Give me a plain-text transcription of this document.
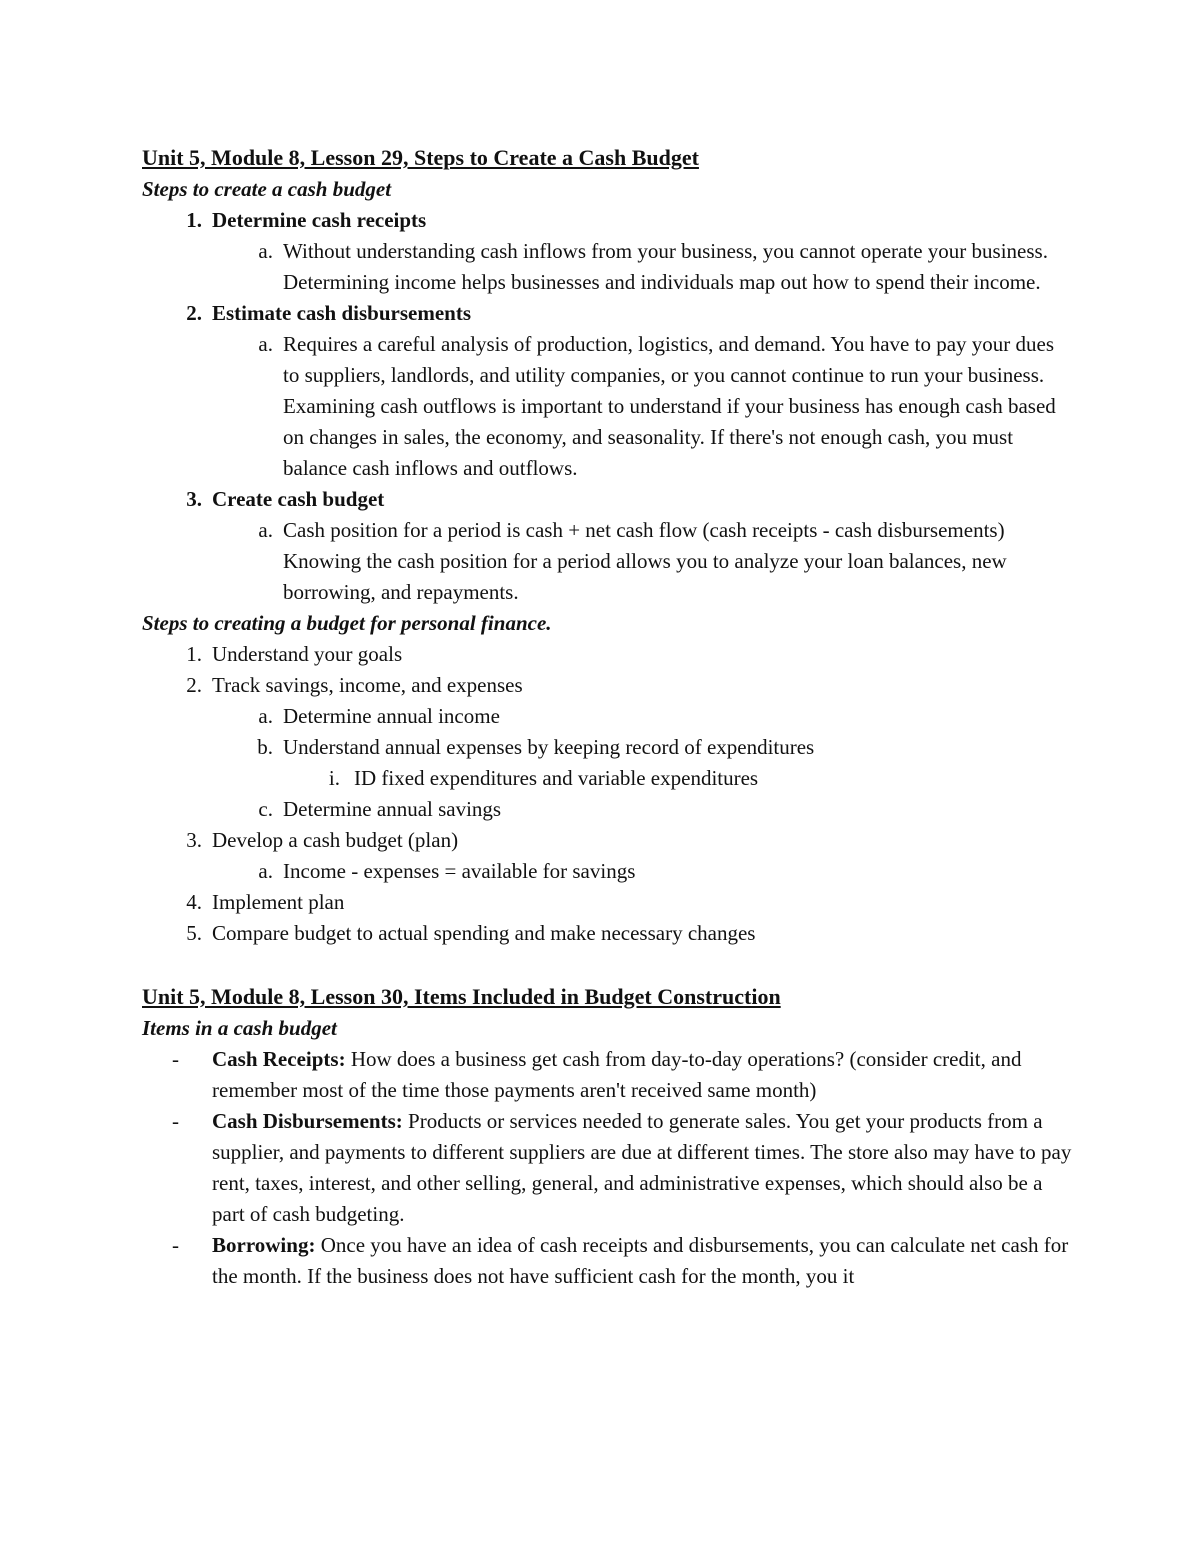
Unit 5, Module 8, Lesson 29, Steps to Create a Cash Budget
Steps to create a cash budget
1. Determine cash receipts
a. Without understanding cash inflows from your business, you cannot operate your business. Determining income helps businesses and individuals map out how to spend their income.
2. Estimate cash disbursements
a. Requires a careful analysis of production, logistics, and demand. You have to pay your dues to suppliers, landlords, and utility companies, or you cannot continue to run your business. Examining cash outflows is important to understand if your business has enough cash based on changes in sales, the economy, and seasonality. If there's not enough cash, you must balance cash inflows and outflows.
3. Create cash budget
a. Cash position for a period is cash + net cash flow (cash receipts - cash disbursements) Knowing the cash position for a period allows you to analyze your loan balances, new borrowing, and repayments.
Steps to creating a budget for personal finance.
1. Understand your goals
2. Track savings, income, and expenses
a. Determine annual income
b. Understand annual expenses by keeping record of expenditures
i. ID fixed expenditures and variable expenditures
c. Determine annual savings
3. Develop a cash budget (plan)
a. Income - expenses = available for savings
4. Implement plan
5. Compare budget to actual spending and make necessary changes
Unit 5, Module 8, Lesson 30, Items Included in Budget Construction
Items in a cash budget
-	Cash Receipts: How does a business get cash from day-to-day operations? (consider credit, and remember most of the time those payments aren't received same month)
-	Cash Disbursements: Products or services needed to generate sales. You get your products from a supplier, and payments to different suppliers are due at different times. The store also may have to pay rent, taxes, interest, and other selling, general, and administrative expenses, which should also be a part of cash budgeting.
-	Borrowing: Once you have an idea of cash receipts and disbursements, you can calculate net cash for the month. If the business does not have sufficient cash for the month, you it
